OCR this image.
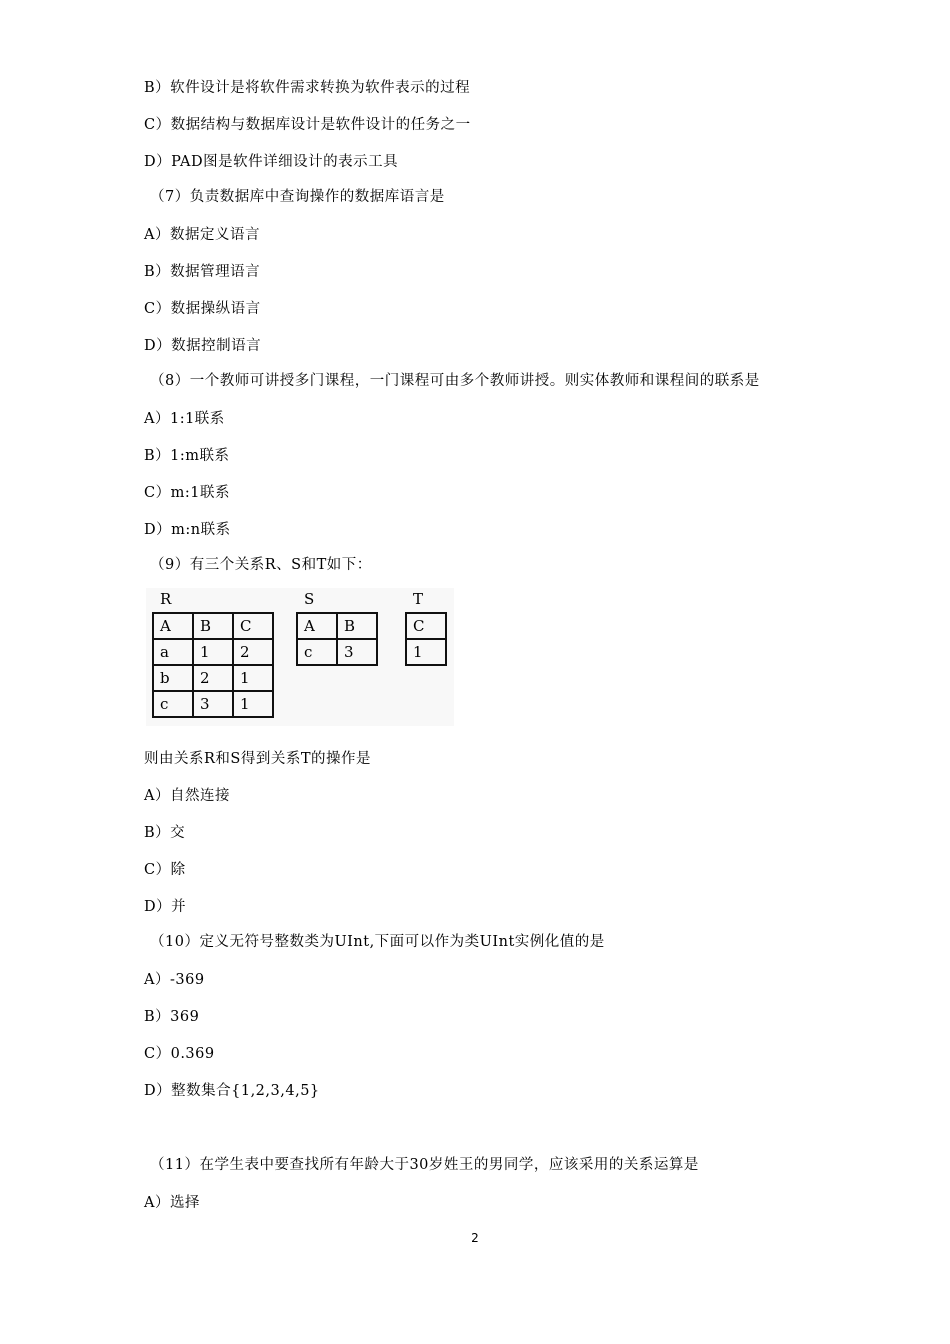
B）软件设计是将软件需求转换为软件表示的过程
C）数据结构与数据库设计是软件设计的任务之一
D）PAD图是软件详细设计的表示工具
（7）负责数据库中查询操作的数据库语言是
A）数据定义语言
B）数据管理语言
C）数据操纵语言
D）数据控制语言
（8）一个教师可讲授多门课程，一门课程可由多个教师讲授。则实体教师和课程间的联系是
A）1:1联系
B）1:m联系
C）m:1联系
D）m:n联系
（9）有三个关系R、S和T如下：
R
A	B	C
a	1	2
b	2	1
c	3	1
S
A	B
c	3
T
C
1
则由关系R和S得到关系T的操作是
A）自然连接
B）交
C）除
D）并
（10）定义无符号整数类为UInt,下面可以作为类UInt实例化值的是
A）-369
B）369
C）0.369
D）整数集合{1,2,3,4,5}
（11）在学生表中要查找所有年龄大于30岁姓王的男同学，应该采用的关系运算是
A）选择
2
